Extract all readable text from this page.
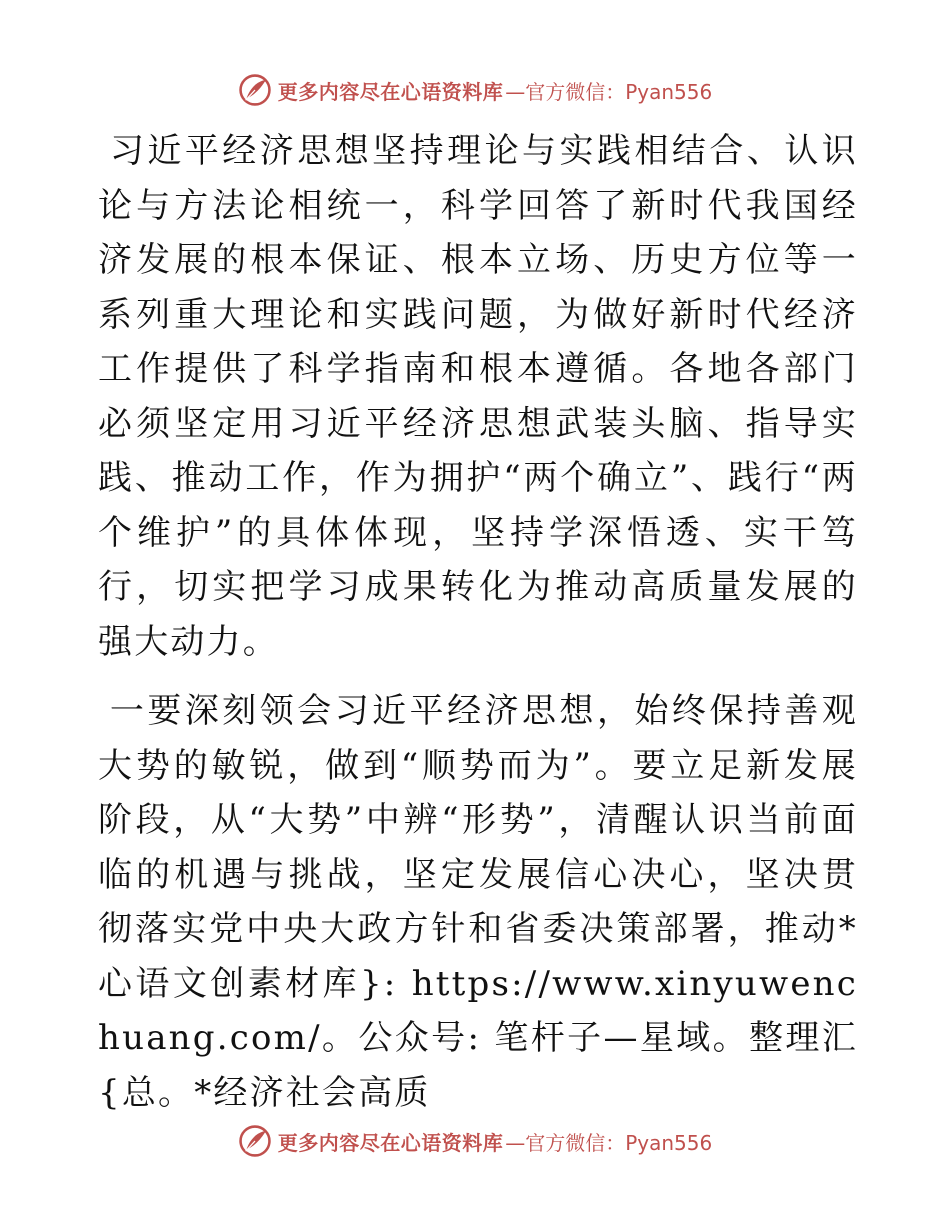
更多内容尽在心语资料库 —官方微信：Pyan556

习近平经济思想坚持理论与实践相结合、认识论与方法论相统一，科学回答了新时代我国经济发展的根本保证、根本立场、历史方位等一系列重大理论和实践问题，为做好新时代经济工作提供了科学指南和根本遵循。各地各部门必须坚定用习近平经济思想武装头脑、指导实践、推动工作，作为拥护“两个确立”、践行“两个维护”的具体体现，坚持学深悟透、实干笃行，切实把学习成果转化为推动高质量发展的强大动力。

一要深刻领会习近平经济思想，始终保持善观大势的敏锐，做到“顺势而为”。要立足新发展阶段，从“大势”中辨“形势”，清醒认识当前面临的机遇与挑战，坚定发展信心决心，坚决贯彻落实党中央大政方针和省委决策部署，推动*心语文创素材库}: https://www.xinyuwenchuang.com/。公众号: 笔杆子—星域。整理汇{总。*经济社会高质

更多内容尽在心语资料库 —官方微信：Pyan556
